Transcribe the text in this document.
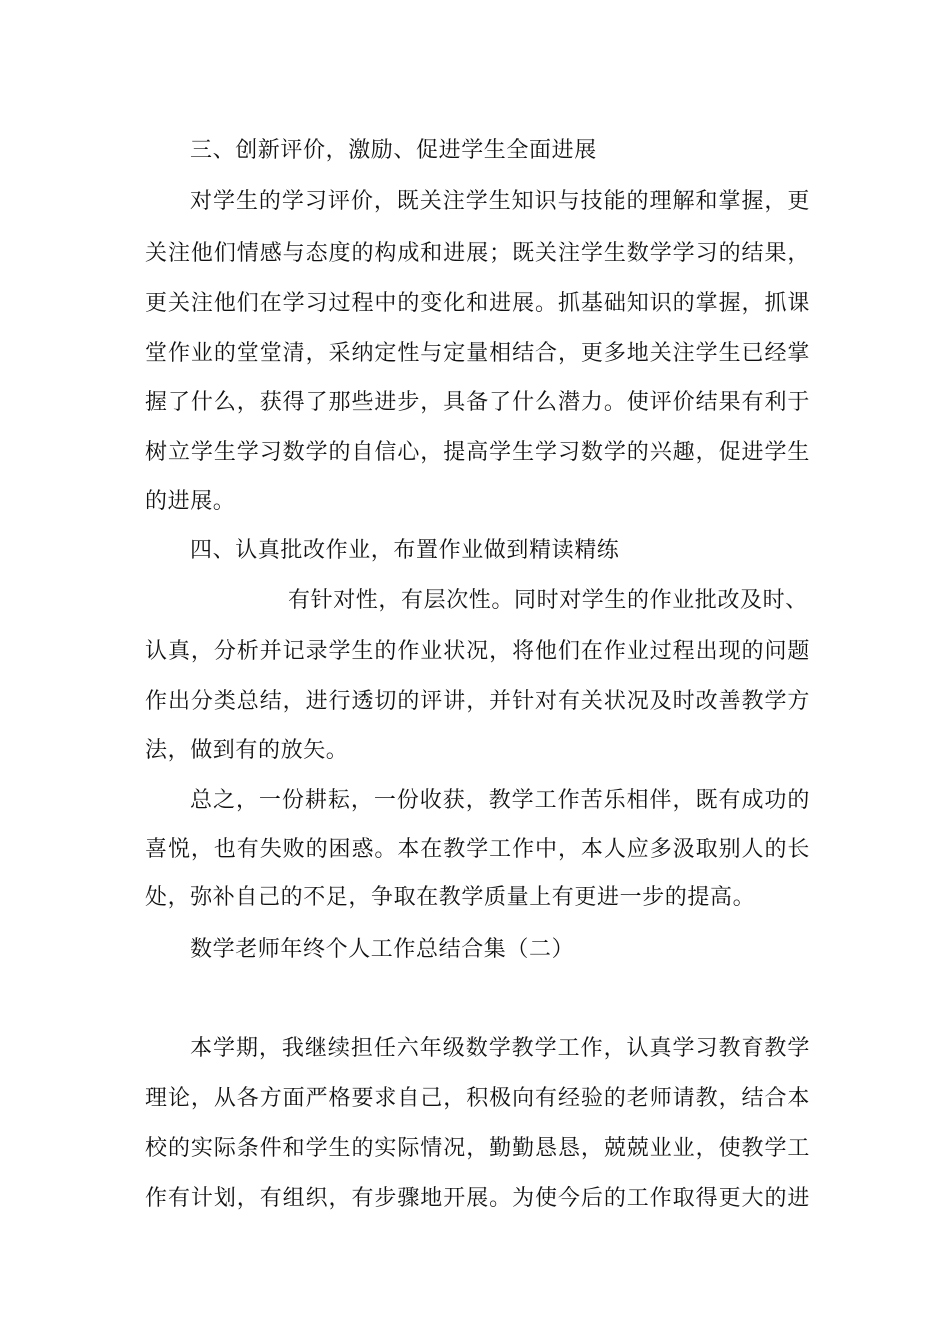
三、创新评价，激励、促进学生全面进展
对学生的学习评价，既关注学生知识与技能的理解和掌握，更
关注他们情感与态度的构成和进展；既关注学生数学学习的结果，
更关注他们在学习过程中的变化和进展。抓基础知识的掌握，抓课
堂作业的堂堂清，采纳定性与定量相结合，更多地关注学生已经掌
握了什么，获得了那些进步，具备了什么潜力。使评价结果有利于
树立学生学习数学的自信心，提高学生学习数学的兴趣，促进学生
的进展。
四、认真批改作业，布置作业做到精读精练
有针对性，有层次性。同时对学生的作业批改及时、
认真，分析并记录学生的作业状况，将他们在作业过程出现的问题
作出分类总结，进行透切的评讲，并针对有关状况及时改善教学方
法，做到有的放矢。
总之，一份耕耘，一份收获，教学工作苦乐相伴，既有成功的
喜悦，也有失败的困惑。本在教学工作中，本人应多汲取别人的长
处，弥补自己的不足，争取在教学质量上有更进一步的提高。
数学老师年终个人工作总结合集（二）
本学期，我继续担任六年级数学教学工作，认真学习教育教学
理论，从各方面严格要求自己，积极向有经验的老师请教，结合本
校的实际条件和学生的实际情况，勤勤恳恳，兢兢业业，使教学工
作有计划，有组织，有步骤地开展。为使今后的工作取得更大的进
